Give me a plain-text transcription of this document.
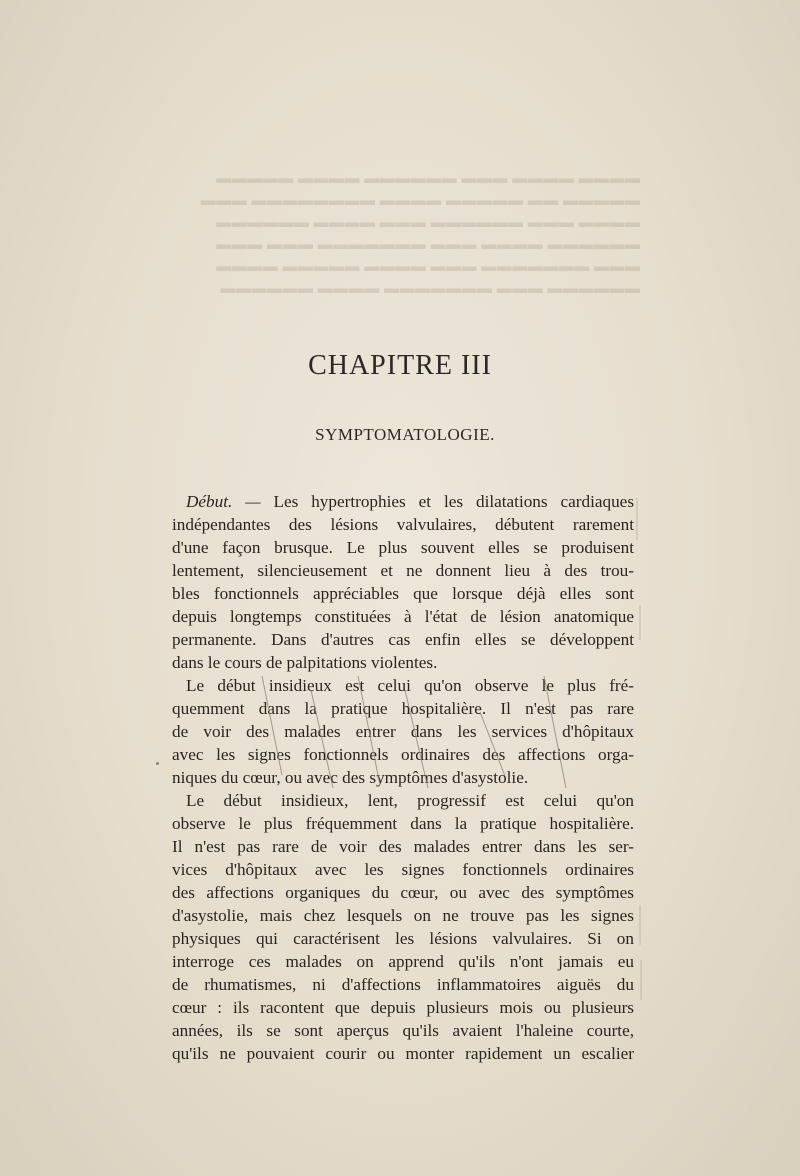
▬▬▬▬ ▬▬▬▬ ▬▬▬ ▬▬▬▬▬▬ ▬▬▬▬ ▬▬▬▬▬
▬▬▬▬▬ ▬▬ ▬▬▬▬▬ ▬▬▬▬ ▬▬▬▬▬▬▬▬ ▬▬▬
▬▬▬▬ ▬▬▬ ▬▬▬▬▬▬ ▬▬▬ ▬▬▬▬ ▬▬▬▬▬▬
▬▬▬▬▬▬ ▬▬▬▬ ▬▬▬ ▬▬▬▬▬▬▬ ▬▬▬ ▬▬▬
▬▬▬ ▬▬▬▬▬▬▬ ▬▬▬ ▬▬▬▬ ▬▬▬▬▬ ▬▬▬▬
▬▬▬▬▬▬ ▬▬▬ ▬▬▬▬▬▬▬ ▬▬▬▬ ▬▬▬▬▬▬
CHAPITRE III
SYMPTOMATOLOGIE.
Début. — Les hypertrophies et les dilatations cardiaques
indépendantes des lésions valvulaires, débutent rarement
d'une façon brusque. Le plus souvent elles se produisent
lentement, silencieusement et ne donnent lieu à des trou-
bles fonctionnels appréciables que lorsque déjà elles sont
depuis longtemps constituées à l'état de lésion anatomique
permanente. Dans d'autres cas enfin elles se développent
dans le cours de palpitations violentes.
Le début insidieux est celui qu'on observe le plus fré-
quemment dans la pratique hospitalière. Il n'est pas rare
de voir des malades entrer dans les services d'hôpitaux
avec les signes fonctionnels ordinaires des affections orga-
niques du cœur, ou avec des symptômes d'asystolie.
Le début insidieux, lent, progressif est celui qu'on
observe le plus fréquemment dans la pratique hospitalière.
Il n'est pas rare de voir des malades entrer dans les ser-
vices d'hôpitaux avec les signes fonctionnels ordinaires
des affections organiques du cœur, ou avec des symptômes
d'asystolie, mais chez lesquels on ne trouve pas les signes
physiques qui caractérisent les lésions valvulaires. Si on
interroge ces malades on apprend qu'ils n'ont jamais eu
de rhumatismes, ni d'affections inflammatoires aiguës du
cœur : ils racontent que depuis plusieurs mois ou plusieurs
années, ils se sont aperçus qu'ils avaient l'haleine courte,
qu'ils ne pouvaient courir ou monter rapidement un escalier
